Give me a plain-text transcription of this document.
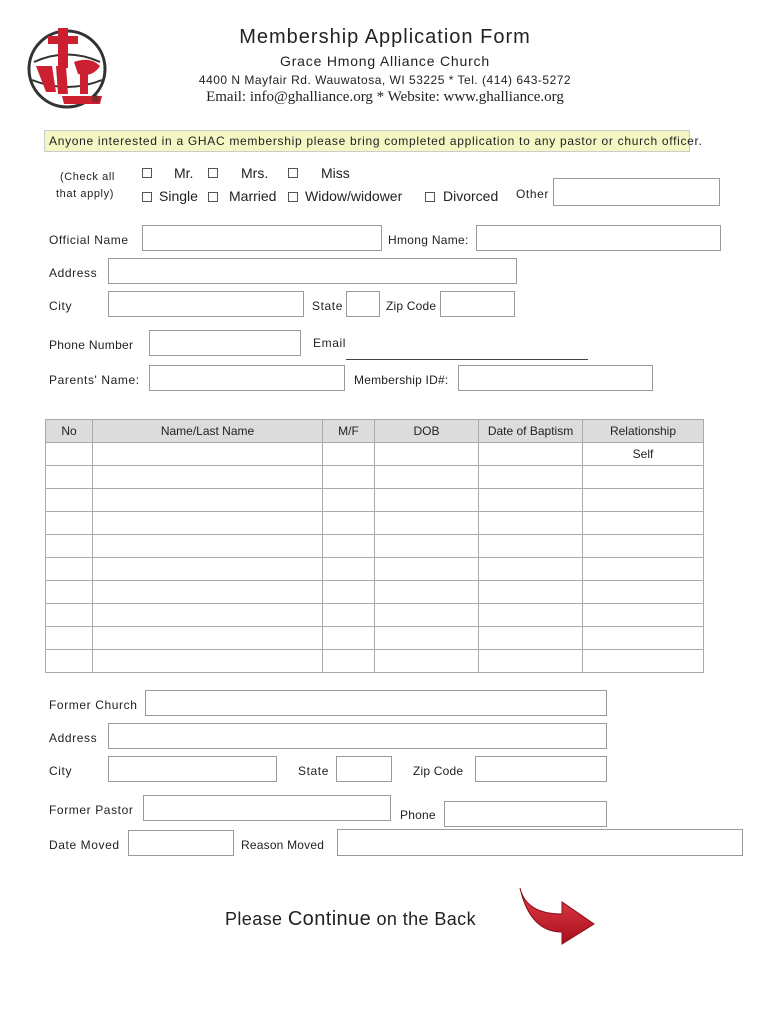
®
Membership Application Form
Grace Hmong Alliance Church
4400 N Mayfair Rd. Wauwatosa, WI 53225 * Tel. (414) 643-5272
Email: info@ghalliance.org * Website: www.ghalliance.org
Anyone interested in a GHAC membership please bring completed application to any pastor or church officer.
(Check all
that apply)
Mr.	Mrs.	Miss
Single Married Widow/widower	Divorced Other
Official Name	Hmong Name:
Address
City	State	Zip Code
Phone Number	Email
Parents' Name:	Membership ID#:
No	Name/Last Name	M/F	DOB	Date of Baptism	Relationship
					Self

Former Church
Address
City	State	Zip Code
Former Pastor	Phone
Date Moved	Reason Moved
Please Continue on the Back
